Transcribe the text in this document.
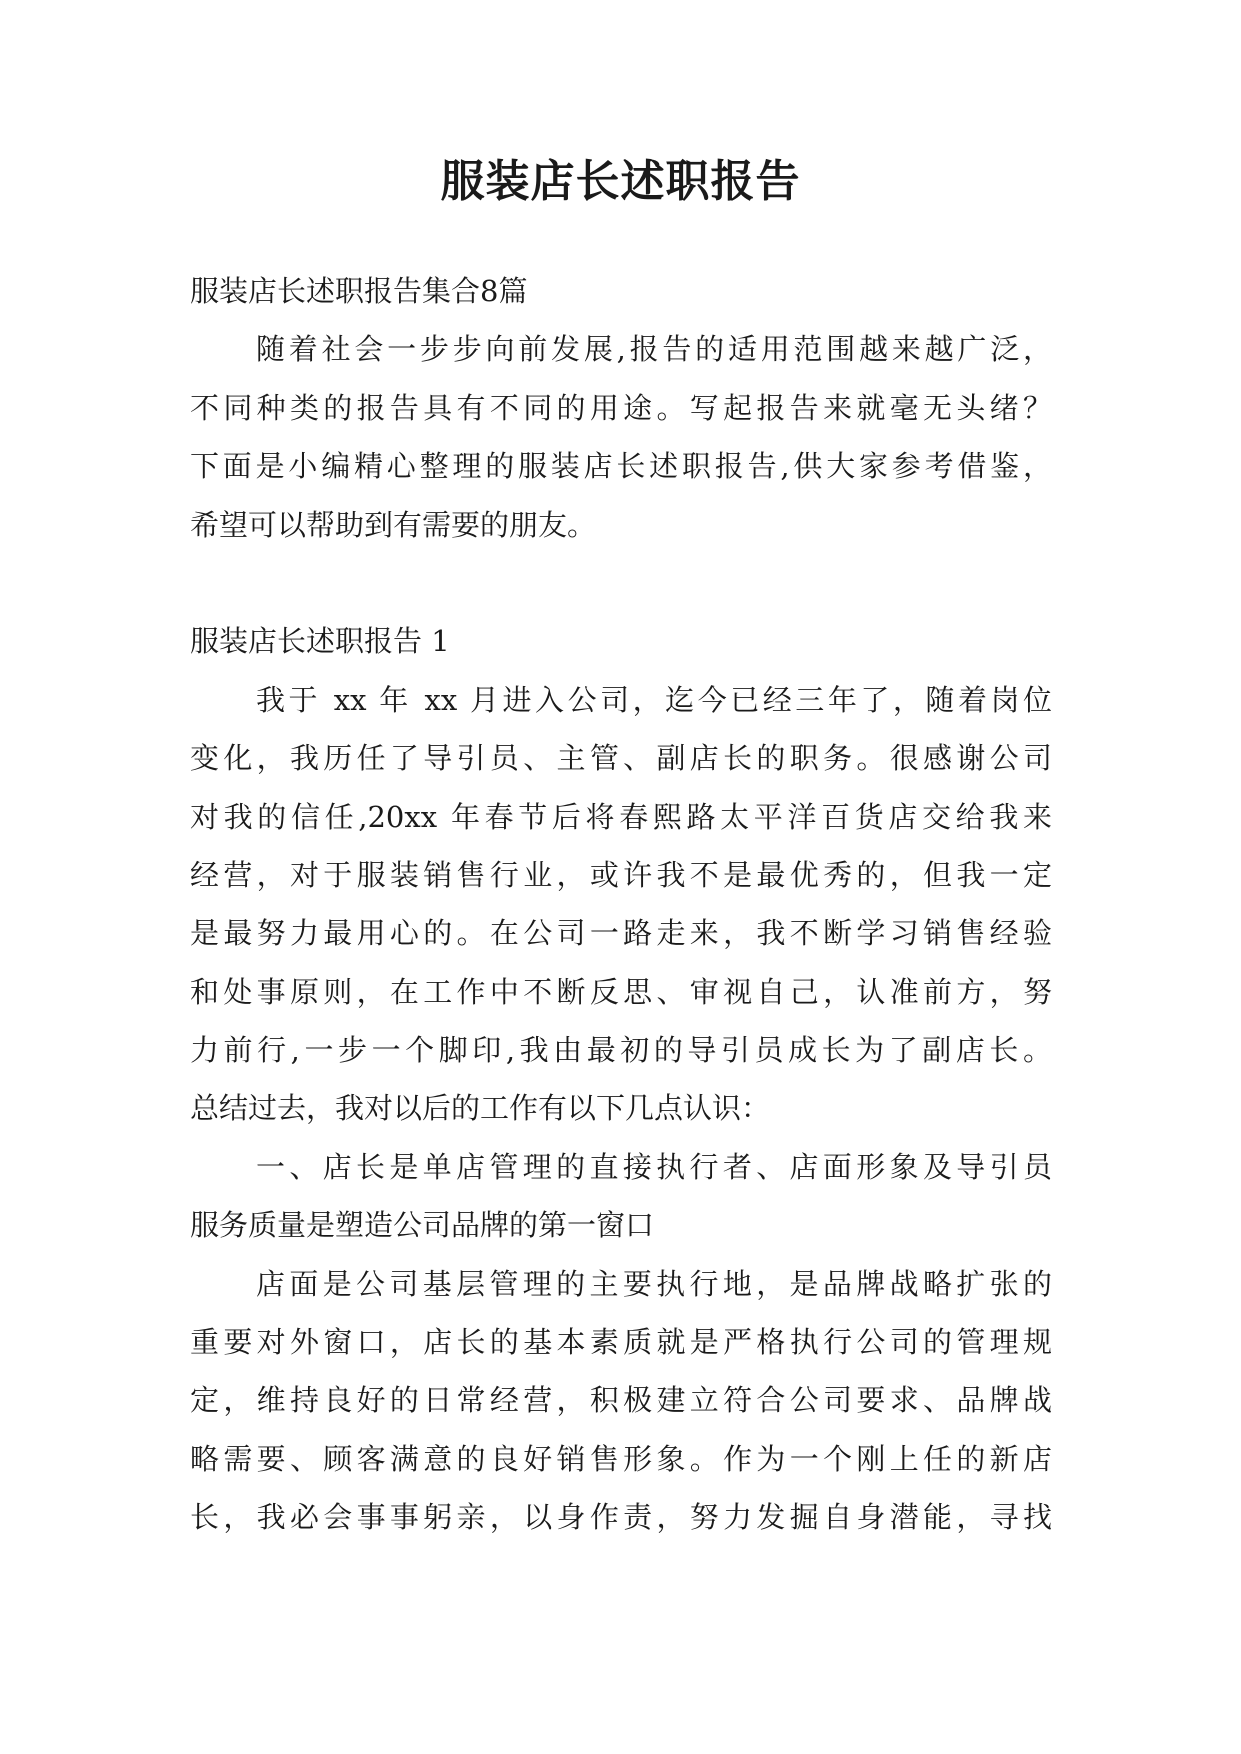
服装店长述职报告

服装店长述职报告集合8篇

随着社会一步步向前发展,报告的适用范围越来越广泛，

不同种类的报告具有不同的用途。写起报告来就毫无头绪？

下面是小编精心整理的服装店长述职报告,供大家参考借鉴，

希望可以帮助到有需要的朋友。

服装店长述职报告 1

我于 xx 年 xx 月进入公司，迄今已经三年了，随着岗位

变化，我历任了导引员、主管、副店长的职务。很感谢公司

对我的信任,20xx 年春节后将春熙路太平洋百货店交给我来

经营，对于服装销售行业，或许我不是最优秀的，但我一定

是最努力最用心的。在公司一路走来，我不断学习销售经验

和处事原则，在工作中不断反思、审视自己，认准前方，努

力前行,一步一个脚印,我由最初的导引员成长为了副店长。

总结过去，我对以后的工作有以下几点认识：

一、店长是单店管理的直接执行者、店面形象及导引员

服务质量是塑造公司品牌的第一窗口

店面是公司基层管理的主要执行地，是品牌战略扩张的

重要对外窗口，店长的基本素质就是严格执行公司的管理规

定，维持良好的日常经营，积极建立符合公司要求、品牌战

略需要、顾客满意的良好销售形象。作为一个刚上任的新店

长，我必会事事躬亲，以身作责，努力发掘自身潜能，寻找
